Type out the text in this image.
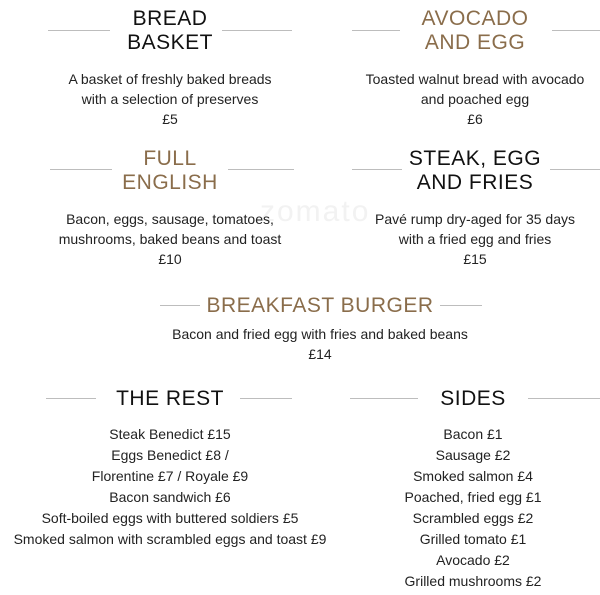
zomato
BREAD
BASKET
A basket of freshly baked breads
with a selection of preserves
£5
AVOCADO
AND EGG
Toasted walnut bread with avocado
and poached egg
£6
FULL
ENGLISH
Bacon, eggs, sausage, tomatoes,
mushrooms, baked beans and toast
£10
STEAK, EGG
AND FRIES
Pavé rump dry-aged for 35 days
with a fried egg and fries
£15
BREAKFAST BURGER
Bacon and fried egg with fries and baked beans
£14
THE REST
Steak Benedict £15
Eggs Benedict £8 /
Florentine £7 / Royale £9
Bacon sandwich £6
Soft-boiled eggs with buttered soldiers £5
Smoked salmon with scrambled eggs and toast £9
SIDES
Bacon £1
Sausage £2
Smoked salmon £4
Poached, fried egg £1
Scrambled eggs £2
Grilled tomato £1
Avocado £2
Grilled mushrooms £2
